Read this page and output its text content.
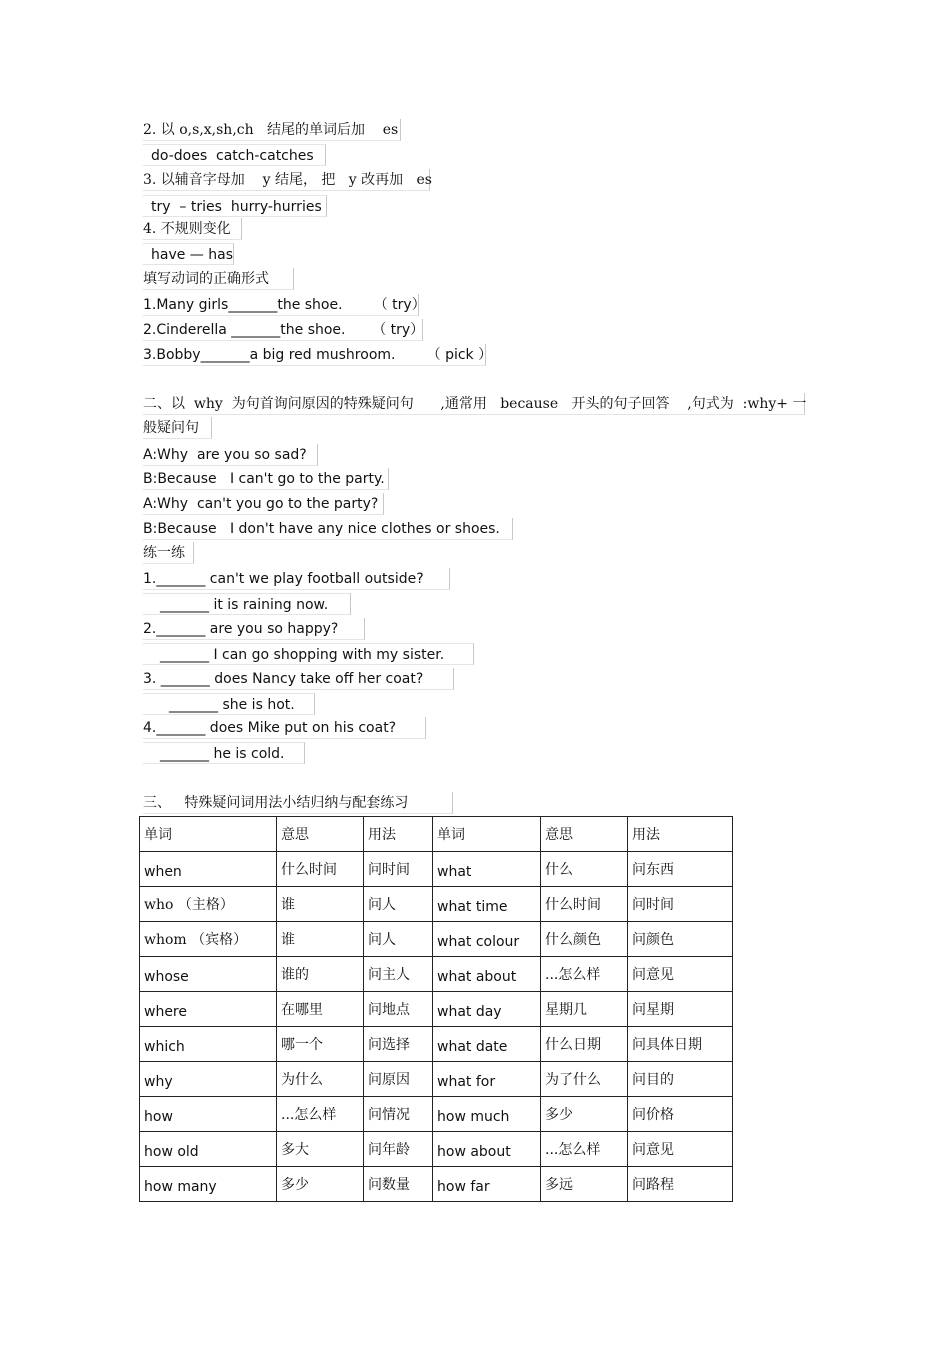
2. 以 o,s,x,sh,ch   结尾的单词后加    es
do-does  catch-catches
3. 以辅音字母加    y 结尾， 把   y 改再加   es
try  – tries  hurry-hurries
4. 不规则变化
have — has
填写动词的正确形式
1.Many girls_______the shoe.       （ try）
2.Cinderella _______the shoe.      （ try）
3.Bobby_______a big red mushroom.       （ pick ）
二、以  why  为句首询问原因的特殊疑问句      ,通常用   because   开头的句子回答    ,句式为  :why+ 一
般疑问句
A:Why  are you so sad?
B:Because   I can't go to the party.
A:Why  can't you go to the party?
B:Because   I don't have any nice clothes or shoes.
练一练
1._______ can't we play football outside?
_______ it is raining now.
2._______ are you so happy?
_______ I can go shopping with my sister.
3. _______ does Nancy take off her coat?
_______ she is hot.
4._______ does Mike put on his coat?
_______ he is cold.
三、   特殊疑问词用法小结归纳与配套练习
单词	意思	用法	单词	意思	用法
when	什么时间	问时间	what	什么	问东西
who （主格）	谁	问人	what time	什么时间	问时间
whom （宾格）	谁	问人	what colour	什么颜色	问颜色
whose	谁的	问主人	what about	...怎么样	问意见
where	在哪里	问地点	what day	星期几	问星期
which	哪一个	问选择	what date	什么日期	问具体日期
why	为什么	问原因	what for	为了什么	问目的
how	...怎么样	问情况	how much	多少	问价格
how old	多大	问年龄	how about	...怎么样	问意见
how many	多少	问数量	how far	多远	问路程
